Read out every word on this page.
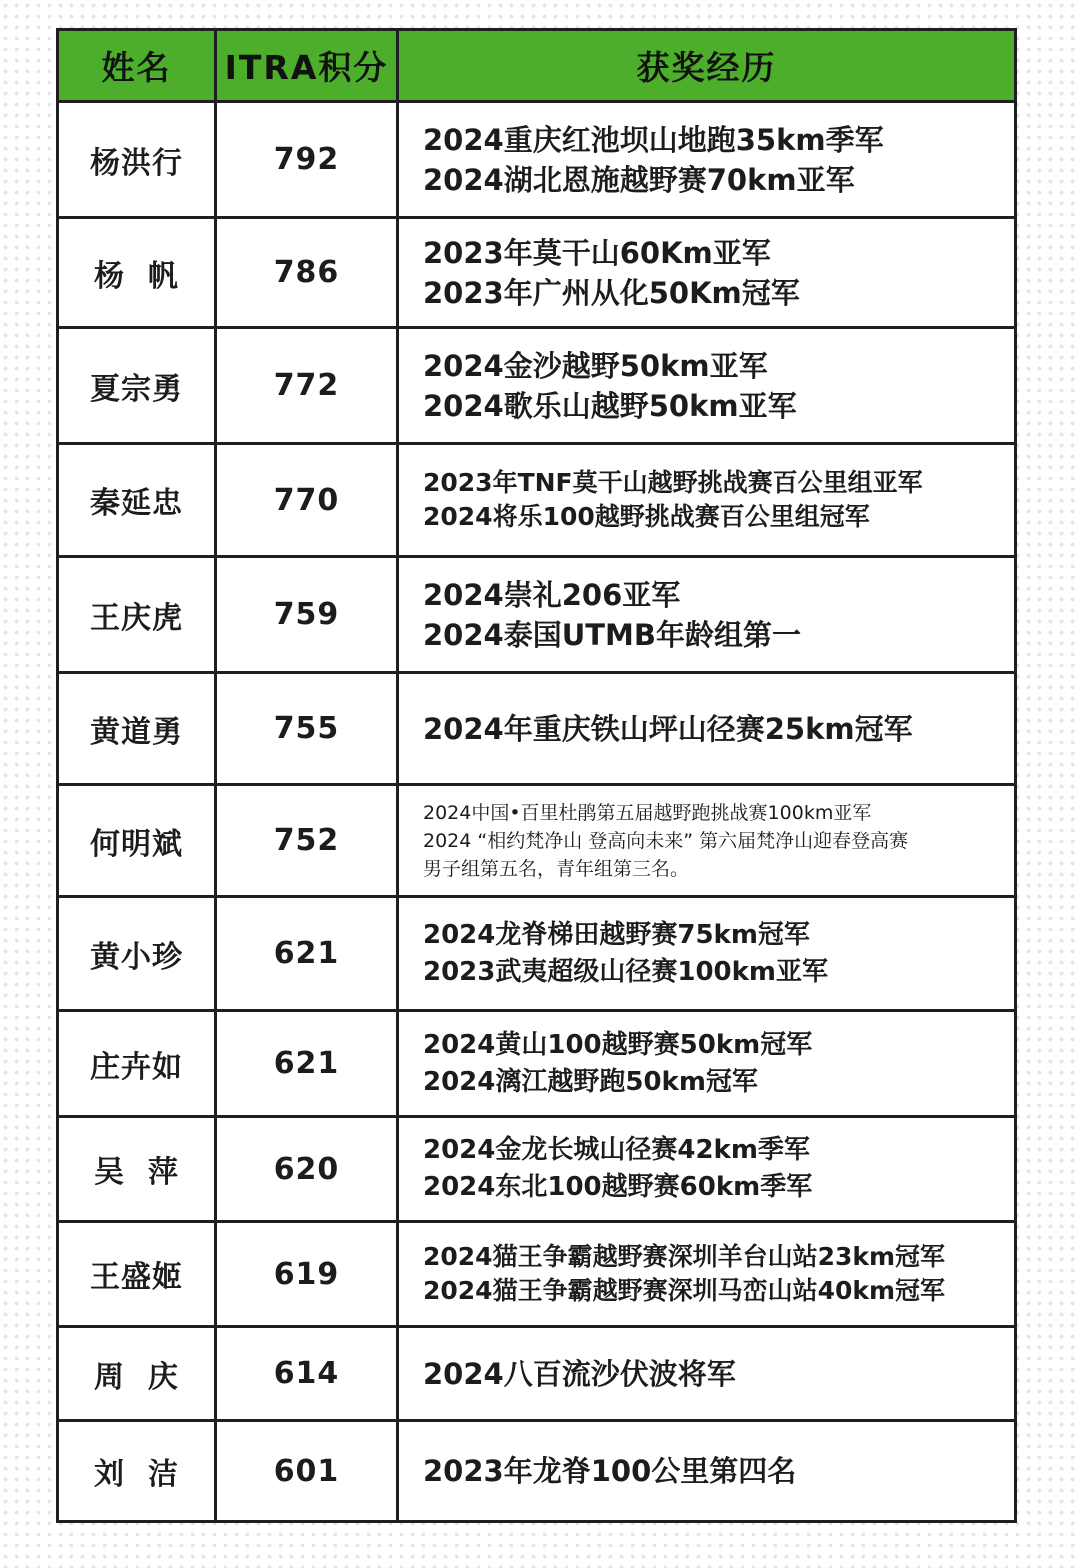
姓名	ITRA积分	获奖经历
杨洪行	792	2024重庆红池坝山地跑35km季军
2024湖北恩施越野赛70km亚军

杨  帆	786	2023年莫干山60Km亚军
2023年广州从化50Km冠军

夏宗勇	772	2024金沙越野50km亚军
2024歌乐山越野50km亚军

秦延忠	770	2023年TNF莫干山越野挑战赛百公里组亚军
2024将乐100越野挑战赛百公里组冠军

王庆虎	759	2024崇礼206亚军
2024泰国UTMB年龄组第一

黄道勇	755	2024年重庆铁山坪山径赛25km冠军

何明斌	752	2024中国•百里杜鹃第五届越野跑挑战赛100km亚军
2024 “相约梵净山 登高向未来” 第六届梵净山迎春登高赛
男子组第五名，青年组第三名。

黄小珍	621	2024龙脊梯田越野赛75km冠军
2023武夷超级山径赛100km亚军

庄卉如	621	2024黄山100越野赛50km冠军
2024漓江越野跑50km冠军

吴  萍	620	2024金龙长城山径赛42km季军
2024东北100越野赛60km季军

王盛姬	619	2024猫王争霸越野赛深圳羊台山站23km冠军
2024猫王争霸越野赛深圳马峦山站40km冠军

周  庆	614	2024八百流沙伏波将军

刘  洁	601	2023年龙脊100公里第四名
